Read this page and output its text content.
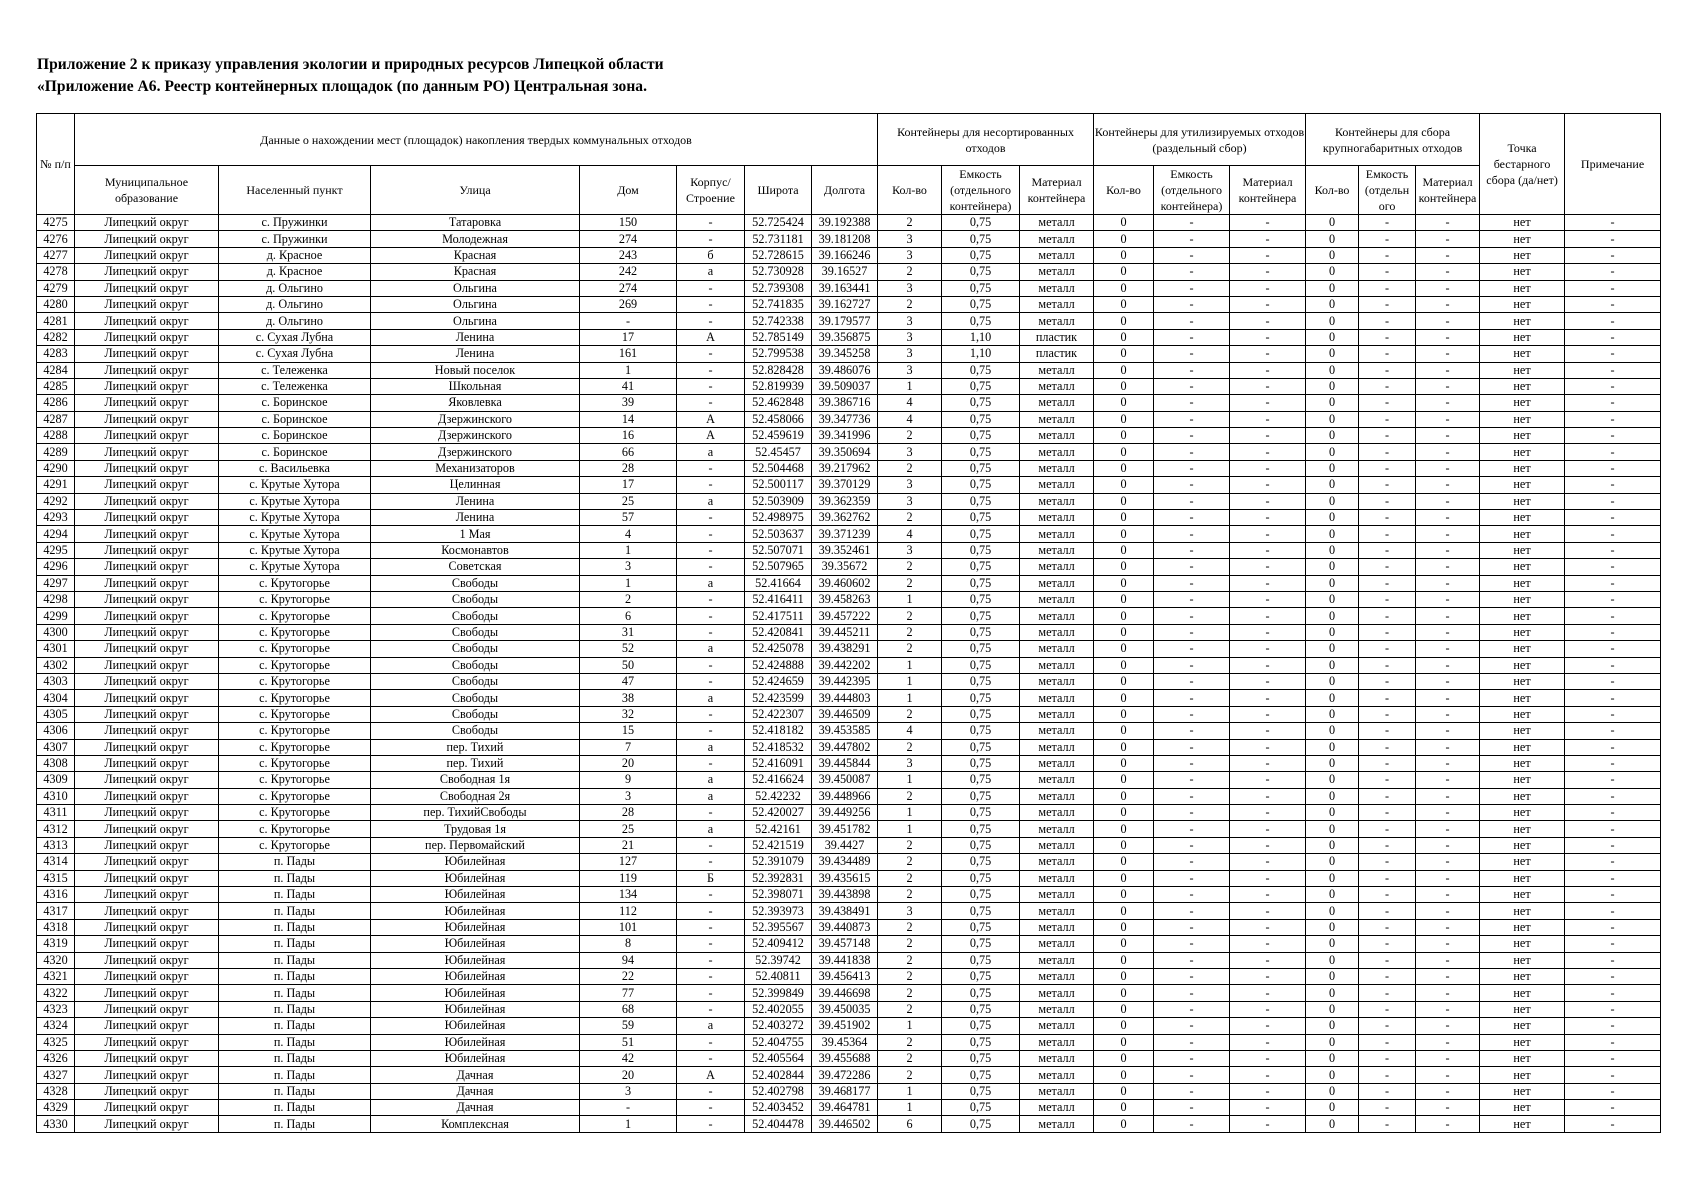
Приложение 2 к приказу управления экологии и природных ресурсов Липецкой области
«Приложение А6. Реестр контейнерных площадок (по данным РО) Центральная зона.
№ п/п	Данные о нахождении мест (площадок) накопления твердых коммунальных отходов							Контейнеры для несортированных отходов			Контейнеры для утилизируемых отходов (раздельный сбор)			Контейнеры для сбора крупногабаритных отходов			Точка бестарного сбора (да/нет)	Примечание
	Муниципальное образование	Населенный пункт	Улица	Дом	Корпус/ Строение	Широта	Долгота	Кол-во	Емкость (отдельного контейнера)	Материал контейнера	Кол-во	Емкость (отдельного контейнера)	Материал контейнера	Кол-во	Емкость (отдельн ого	Материал контейнера		
4275	Липецкий округ	с. Пружинки	Татаровка	150	-	52.725424	39.192388	2	0,75	металл	0	-	-	0	-	-	нет	-
4276	Липецкий округ	с. Пружинки	Молодежная	274	-	52.731181	39.181208	3	0,75	металл	0	-	-	0	-	-	нет	-
4277	Липецкий округ	д. Красное	Красная	243	б	52.728615	39.166246	3	0,75	металл	0	-	-	0	-	-	нет	-
4278	Липецкий округ	д. Красное	Красная	242	а	52.730928	39.16527	2	0,75	металл	0	-	-	0	-	-	нет	-
4279	Липецкий округ	д. Ольгино	Ольгина	274	-	52.739308	39.163441	3	0,75	металл	0	-	-	0	-	-	нет	-
4280	Липецкий округ	д. Ольгино	Ольгина	269	-	52.741835	39.162727	2	0,75	металл	0	-	-	0	-	-	нет	-
4281	Липецкий округ	д. Ольгино	Ольгина	-	-	52.742338	39.179577	3	0,75	металл	0	-	-	0	-	-	нет	-
4282	Липецкий округ	с. Сухая Лубна	Ленина	17	А	52.785149	39.356875	3	1,10	пластик	0	-	-	0	-	-	нет	-
4283	Липецкий округ	с. Сухая Лубна	Ленина	161	-	52.799538	39.345258	3	1,10	пластик	0	-	-	0	-	-	нет	-
4284	Липецкий округ	с. Тележенка	Новый поселок	1	-	52.828428	39.486076	3	0,75	металл	0	-	-	0	-	-	нет	-
4285	Липецкий округ	с. Тележенка	Школьная	41	-	52.819939	39.509037	1	0,75	металл	0	-	-	0	-	-	нет	-
4286	Липецкий округ	с. Боринское	Яковлевка	39	-	52.462848	39.386716	4	0,75	металл	0	-	-	0	-	-	нет	-
4287	Липецкий округ	с. Боринское	Дзержинского	14	А	52.458066	39.347736	4	0,75	металл	0	-	-	0	-	-	нет	-
4288	Липецкий округ	с. Боринское	Дзержинского	16	А	52.459619	39.341996	2	0,75	металл	0	-	-	0	-	-	нет	-
4289	Липецкий округ	с. Боринское	Дзержинского	66	а	52.45457	39.350694	3	0,75	металл	0	-	-	0	-	-	нет	-
4290	Липецкий округ	с. Васильевка	Механизаторов	28	-	52.504468	39.217962	2	0,75	металл	0	-	-	0	-	-	нет	-
4291	Липецкий округ	с. Крутые Хутора	Целинная	17	-	52.500117	39.370129	3	0,75	металл	0	-	-	0	-	-	нет	-
4292	Липецкий округ	с. Крутые Хутора	Ленина	25	а	52.503909	39.362359	3	0,75	металл	0	-	-	0	-	-	нет	-
4293	Липецкий округ	с. Крутые Хутора	Ленина	57	-	52.498975	39.362762	2	0,75	металл	0	-	-	0	-	-	нет	-
4294	Липецкий округ	с. Крутые Хутора	1 Мая	4	-	52.503637	39.371239	4	0,75	металл	0	-	-	0	-	-	нет	-
4295	Липецкий округ	с. Крутые Хутора	Космонавтов	1	-	52.507071	39.352461	3	0,75	металл	0	-	-	0	-	-	нет	-
4296	Липецкий округ	с. Крутые Хутора	Советская	3	-	52.507965	39.35672	2	0,75	металл	0	-	-	0	-	-	нет	-
4297	Липецкий округ	с. Крутогорье	Свободы	1	а	52.41664	39.460602	2	0,75	металл	0	-	-	0	-	-	нет	-
4298	Липецкий округ	с. Крутогорье	Свободы	2	-	52.416411	39.458263	1	0,75	металл	0	-	-	0	-	-	нет	-
4299	Липецкий округ	с. Крутогорье	Свободы	6	-	52.417511	39.457222	2	0,75	металл	0	-	-	0	-	-	нет	-
4300	Липецкий округ	с. Крутогорье	Свободы	31	-	52.420841	39.445211	2	0,75	металл	0	-	-	0	-	-	нет	-
4301	Липецкий округ	с. Крутогорье	Свободы	52	а	52.425078	39.438291	2	0,75	металл	0	-	-	0	-	-	нет	-
4302	Липецкий округ	с. Крутогорье	Свободы	50	-	52.424888	39.442202	1	0,75	металл	0	-	-	0	-	-	нет	-
4303	Липецкий округ	с. Крутогорье	Свободы	47	-	52.424659	39.442395	1	0,75	металл	0	-	-	0	-	-	нет	-
4304	Липецкий округ	с. Крутогорье	Свободы	38	а	52.423599	39.444803	1	0,75	металл	0	-	-	0	-	-	нет	-
4305	Липецкий округ	с. Крутогорье	Свободы	32	-	52.422307	39.446509	2	0,75	металл	0	-	-	0	-	-	нет	-
4306	Липецкий округ	с. Крутогорье	Свободы	15	-	52.418182	39.453585	4	0,75	металл	0	-	-	0	-	-	нет	-
4307	Липецкий округ	с. Крутогорье	пер. Тихий	7	а	52.418532	39.447802	2	0,75	металл	0	-	-	0	-	-	нет	-
4308	Липецкий округ	с. Крутогорье	пер. Тихий	20	-	52.416091	39.445844	3	0,75	металл	0	-	-	0	-	-	нет	-
4309	Липецкий округ	с. Крутогорье	Свободная 1я	9	а	52.416624	39.450087	1	0,75	металл	0	-	-	0	-	-	нет	-
4310	Липецкий округ	с. Крутогорье	Свободная 2я	3	а	52.42232	39.448966	2	0,75	металл	0	-	-	0	-	-	нет	-
4311	Липецкий округ	с. Крутогорье	пер. ТихийСвободы	28	-	52.420027	39.449256	1	0,75	металл	0	-	-	0	-	-	нет	-
4312	Липецкий округ	с. Крутогорье	Трудовая 1я	25	а	52.42161	39.451782	1	0,75	металл	0	-	-	0	-	-	нет	-
4313	Липецкий округ	с. Крутогорье	пер. Первомайский	21	-	52.421519	39.4427	2	0,75	металл	0	-	-	0	-	-	нет	-
4314	Липецкий округ	п. Пады	Юбилейная	127	-	52.391079	39.434489	2	0,75	металл	0	-	-	0	-	-	нет	-
4315	Липецкий округ	п. Пады	Юбилейная	119	Б	52.392831	39.435615	2	0,75	металл	0	-	-	0	-	-	нет	-
4316	Липецкий округ	п. Пады	Юбилейная	134	-	52.398071	39.443898	2	0,75	металл	0	-	-	0	-	-	нет	-
4317	Липецкий округ	п. Пады	Юбилейная	112	-	52.393973	39.438491	3	0,75	металл	0	-	-	0	-	-	нет	-
4318	Липецкий округ	п. Пады	Юбилейная	101	-	52.395567	39.440873	2	0,75	металл	0	-	-	0	-	-	нет	-
4319	Липецкий округ	п. Пады	Юбилейная	8	-	52.409412	39.457148	2	0,75	металл	0	-	-	0	-	-	нет	-
4320	Липецкий округ	п. Пады	Юбилейная	94	-	52.39742	39.441838	2	0,75	металл	0	-	-	0	-	-	нет	-
4321	Липецкий округ	п. Пады	Юбилейная	22	-	52.40811	39.456413	2	0,75	металл	0	-	-	0	-	-	нет	-
4322	Липецкий округ	п. Пады	Юбилейная	77	-	52.399849	39.446698	2	0,75	металл	0	-	-	0	-	-	нет	-
4323	Липецкий округ	п. Пады	Юбилейная	68	-	52.402055	39.450035	2	0,75	металл	0	-	-	0	-	-	нет	-
4324	Липецкий округ	п. Пады	Юбилейная	59	а	52.403272	39.451902	1	0,75	металл	0	-	-	0	-	-	нет	-
4325	Липецкий округ	п. Пады	Юбилейная	51	-	52.404755	39.45364	2	0,75	металл	0	-	-	0	-	-	нет	-
4326	Липецкий округ	п. Пады	Юбилейная	42	-	52.405564	39.455688	2	0,75	металл	0	-	-	0	-	-	нет	-
4327	Липецкий округ	п. Пады	Дачная	20	А	52.402844	39.472286	2	0,75	металл	0	-	-	0	-	-	нет	-
4328	Липецкий округ	п. Пады	Дачная	3	-	52.402798	39.468177	1	0,75	металл	0	-	-	0	-	-	нет	-
4329	Липецкий округ	п. Пады	Дачная	-	-	52.403452	39.464781	1	0,75	металл	0	-	-	0	-	-	нет	-
4330	Липецкий округ	п. Пады	Комплексная	1	-	52.404478	39.446502	6	0,75	металл	0	-	-	0	-	-	нет	-
